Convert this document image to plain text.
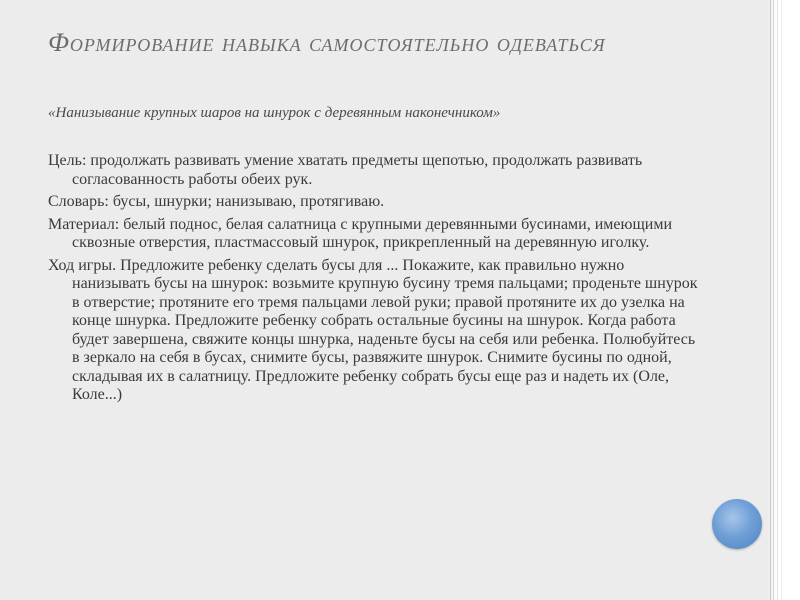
Формирование навыка самостоятельно одеваться

«Нанизывание крупных шаров на шнурок с деревянным наконечником»

Цель: продолжать развивать умение хватать предметы щепотью, продолжать развивать согласованность работы обеих рук.

Словарь: бусы, шнурки; нанизываю, протягиваю.

Материал: белый поднос, белая салатница с крупными деревянными бусинами, имеющими сквозные отверстия, пластмассовый шнурок, прикрепленный на деревянную иголку.

Ход игры. Предложите ребенку сделать бусы для ... Покажите, как правильно нужно нанизывать бусы на шнурок: возьмите крупную бусину тремя пальцами; проденьте шнурок в отверстие; протяните его тремя пальцами левой руки; правой протяните их до узелка на конце шнурка. Предложите ребенку собрать остальные бусины на шнурок. Когда работа будет завершена, свяжите концы шнурка, наденьте бусы на себя или ребенка. Полюбуйтесь в зеркало на себя в бусах, снимите бусы, развяжите шнурок. Снимите бусины по одной, складывая их в салатницу. Предложите ребенку собрать бусы еще раз и надеть их (Оле, Коле...)
